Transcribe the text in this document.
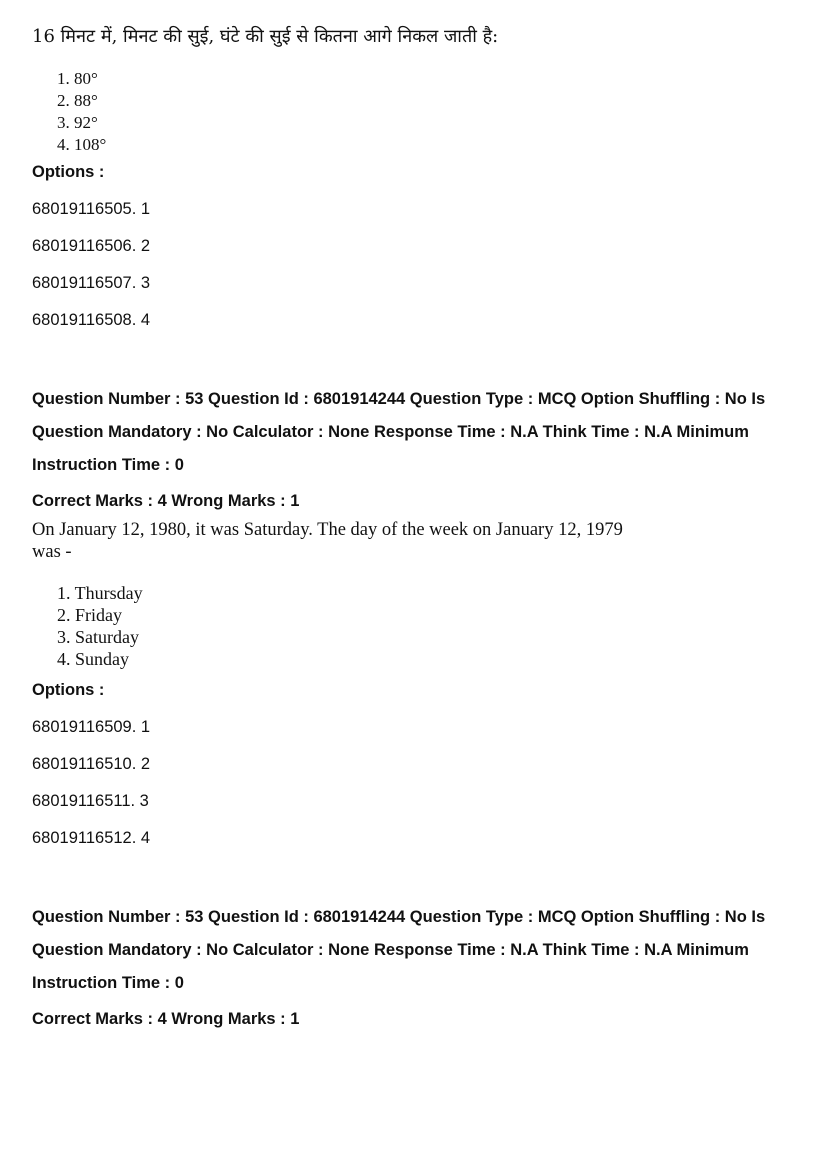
16 मिनट में, मिनट की सुई, घंटे की सुई से कितना आगे निकल जाती है:
1. 80°
2. 88°
3. 92°
4. 108°
Options :
68019116505. 1
68019116506. 2
68019116507. 3
68019116508. 4
Question Number : 53 Question Id : 6801914244 Question Type : MCQ Option Shuffling : No Is
Question Mandatory : No Calculator : None Response Time : N.A Think Time : N.A Minimum
Instruction Time : 0
Correct Marks : 4 Wrong Marks : 1
On January 12, 1980, it was Saturday. The day of the week on January 12, 1979
was -
1. Thursday
2. Friday
3. Saturday
4. Sunday
Options :
68019116509. 1
68019116510. 2
68019116511. 3
68019116512. 4
Question Number : 53 Question Id : 6801914244 Question Type : MCQ Option Shuffling : No Is
Question Mandatory : No Calculator : None Response Time : N.A Think Time : N.A Minimum
Instruction Time : 0
Correct Marks : 4 Wrong Marks : 1
